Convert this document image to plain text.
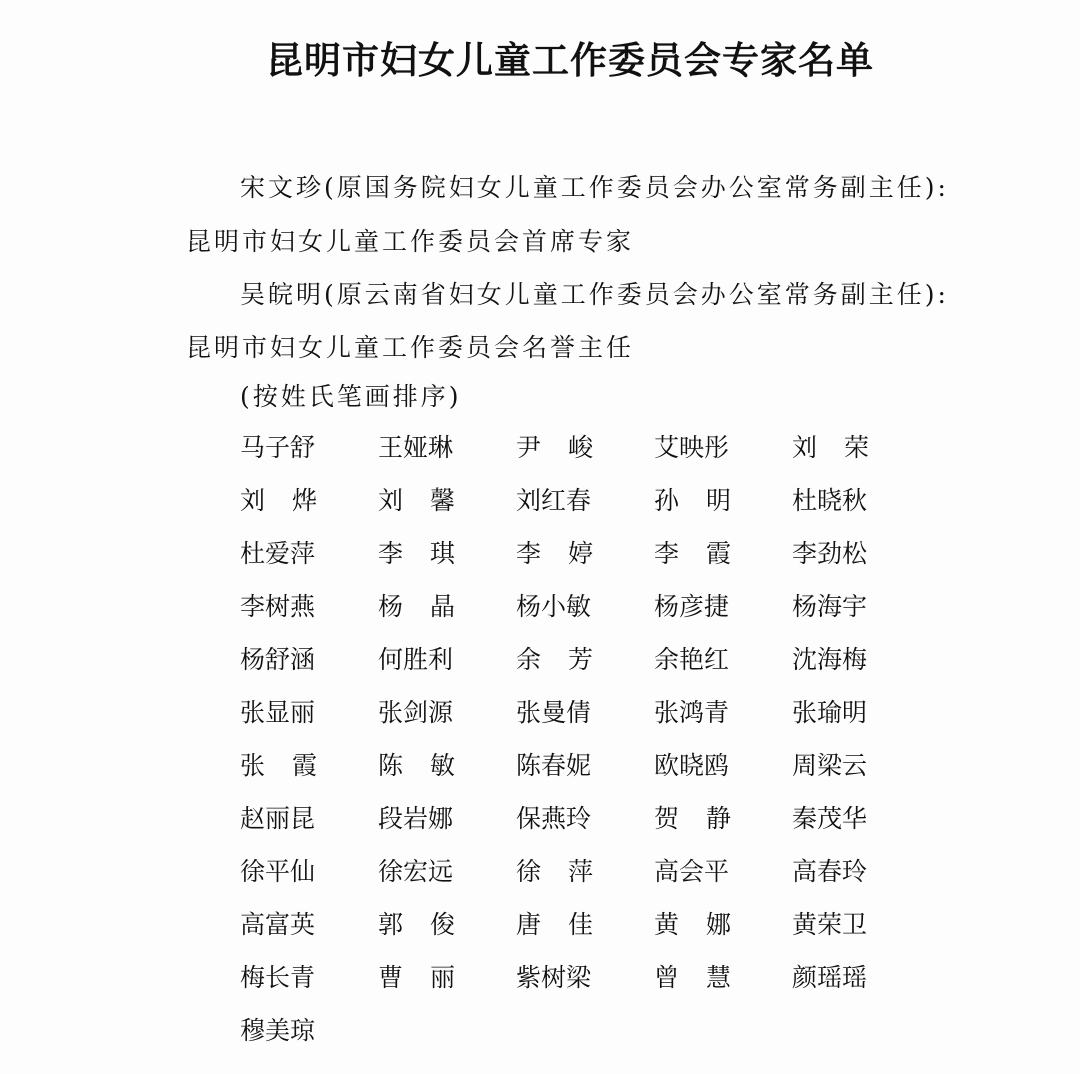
昆明市妇女儿童工作委员会专家名单
宋文珍(原国务院妇女儿童工作委员会办公室常务副主任):
昆明市妇女儿童工作委员会首席专家
吴皖明(原云南省妇女儿童工作委员会办公室常务副主任):
昆明市妇女儿童工作委员会名誉主任
(按姓氏笔画排序)
马子舒	王娅琳	尹 峻	艾映彤	刘 荣
刘 烨	刘 馨	刘红春	孙 明	杜晓秋
杜爱萍	李 琪	李 婷	李 霞	李劲松
李树燕	杨 晶	杨小敏	杨彦捷	杨海宇
杨舒涵	何胜利	余 芳	余艳红	沈海梅
张显丽	张剑源	张曼倩	张鸿青	张瑜明
张 霞	陈 敏	陈春妮	欧晓鸥	周梁云
赵丽昆	段岩娜	保燕玲	贺 静	秦茂华
徐平仙	徐宏远	徐 萍	高会平	高春玲
高富英	郭 俊	唐 佳	黄 娜	黄荣卫
梅长青	曹 丽	紫树梁	曾 慧	颜瑶瑶
穆美琼
